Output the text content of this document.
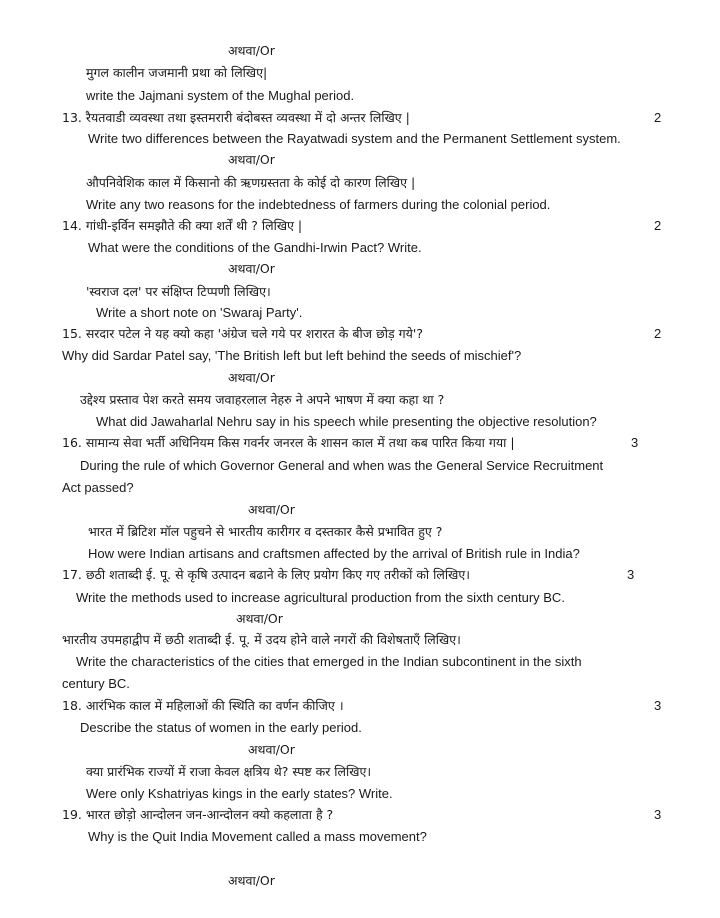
अथवा/Or
मुगल कालीन जजमानी प्रथा को लिखिए|
write the Jajmani system of the Mughal period.
13. रैयतवाडी व्यवस्था तथा इस्तमरारी बंदोबस्त व्यवस्था में दो अन्तर लिखिए |	2
Write two differences between the Rayatwadi system and the Permanent Settlement system.
अथवा/Or
औपनिवेशिक काल में किसानो की ऋणग्रस्तता के कोई दो कारण लिखिए |
Write any two reasons for the indebtedness of farmers during the colonial period.
14. गांधी-इर्विन समझौते की क्या शर्तें थी ? लिखिए |	2
What were the conditions of the Gandhi-Irwin Pact? Write.
अथवा/Or
'स्वराज दल' पर संक्षिप्त टिप्पणी लिखिए।
Write a short note on 'Swaraj Party'.
15. सरदार पटेल ने यह क्यो कहा 'अंग्रेज चले गये पर शरारत के बीज छोड़ गये'?	2
Why did Sardar Patel say, 'The British left but left behind the seeds of mischief'?
अथवा/Or
उद्देश्य प्रस्ताव पेश करते समय जवाहरलाल नेहरु ने अपने भाषण में क्या कहा था ?
What did Jawaharlal Nehru say in his speech while presenting the objective resolution?
16. सामान्य सेवा भर्ती अधिनियम किस गवर्नर जनरल के शासन काल में तथा कब पारित किया गया |	3
During the rule of which Governor General and when was the General Service Recruitment
Act passed?
अथवा/Or
भारत में ब्रिटिश मॉल पहुचने से भारतीय कारीगर व दस्तकार कैसे प्रभावित हुए ?
How were Indian artisans and craftsmen affected by the arrival of British rule in India?
17. छठी शताब्दी ई. पू. से कृषि उत्पादन बढाने के लिए प्रयोग किए गए तरीकों को लिखिए।	3
Write the methods used to increase agricultural production from the sixth century BC.
अथवा/Or
भारतीय उपमहाद्वीप में छठी शताब्दी ई. पू. में उदय होने वाले नगरों की विशेषताएँ लिखिए।
Write the characteristics of the cities that emerged in the Indian subcontinent in the sixth
century BC.
18. आरंभिक काल में महिलाओं की स्थिति का वर्णन कीजिए ।	3
Describe the status of women in the early period.
अथवा/Or
क्या प्रारंभिक राज्यों में राजा केवल क्षत्रिय थे? स्पष्ट कर लिखिए।
Were only Kshatriyas kings in the early states? Write.
19. भारत छोड़ो आन्दोलन जन-आन्दोलन क्यो कहलाता है ?	3
Why is the Quit India Movement called a mass movement?
अथवा/Or
